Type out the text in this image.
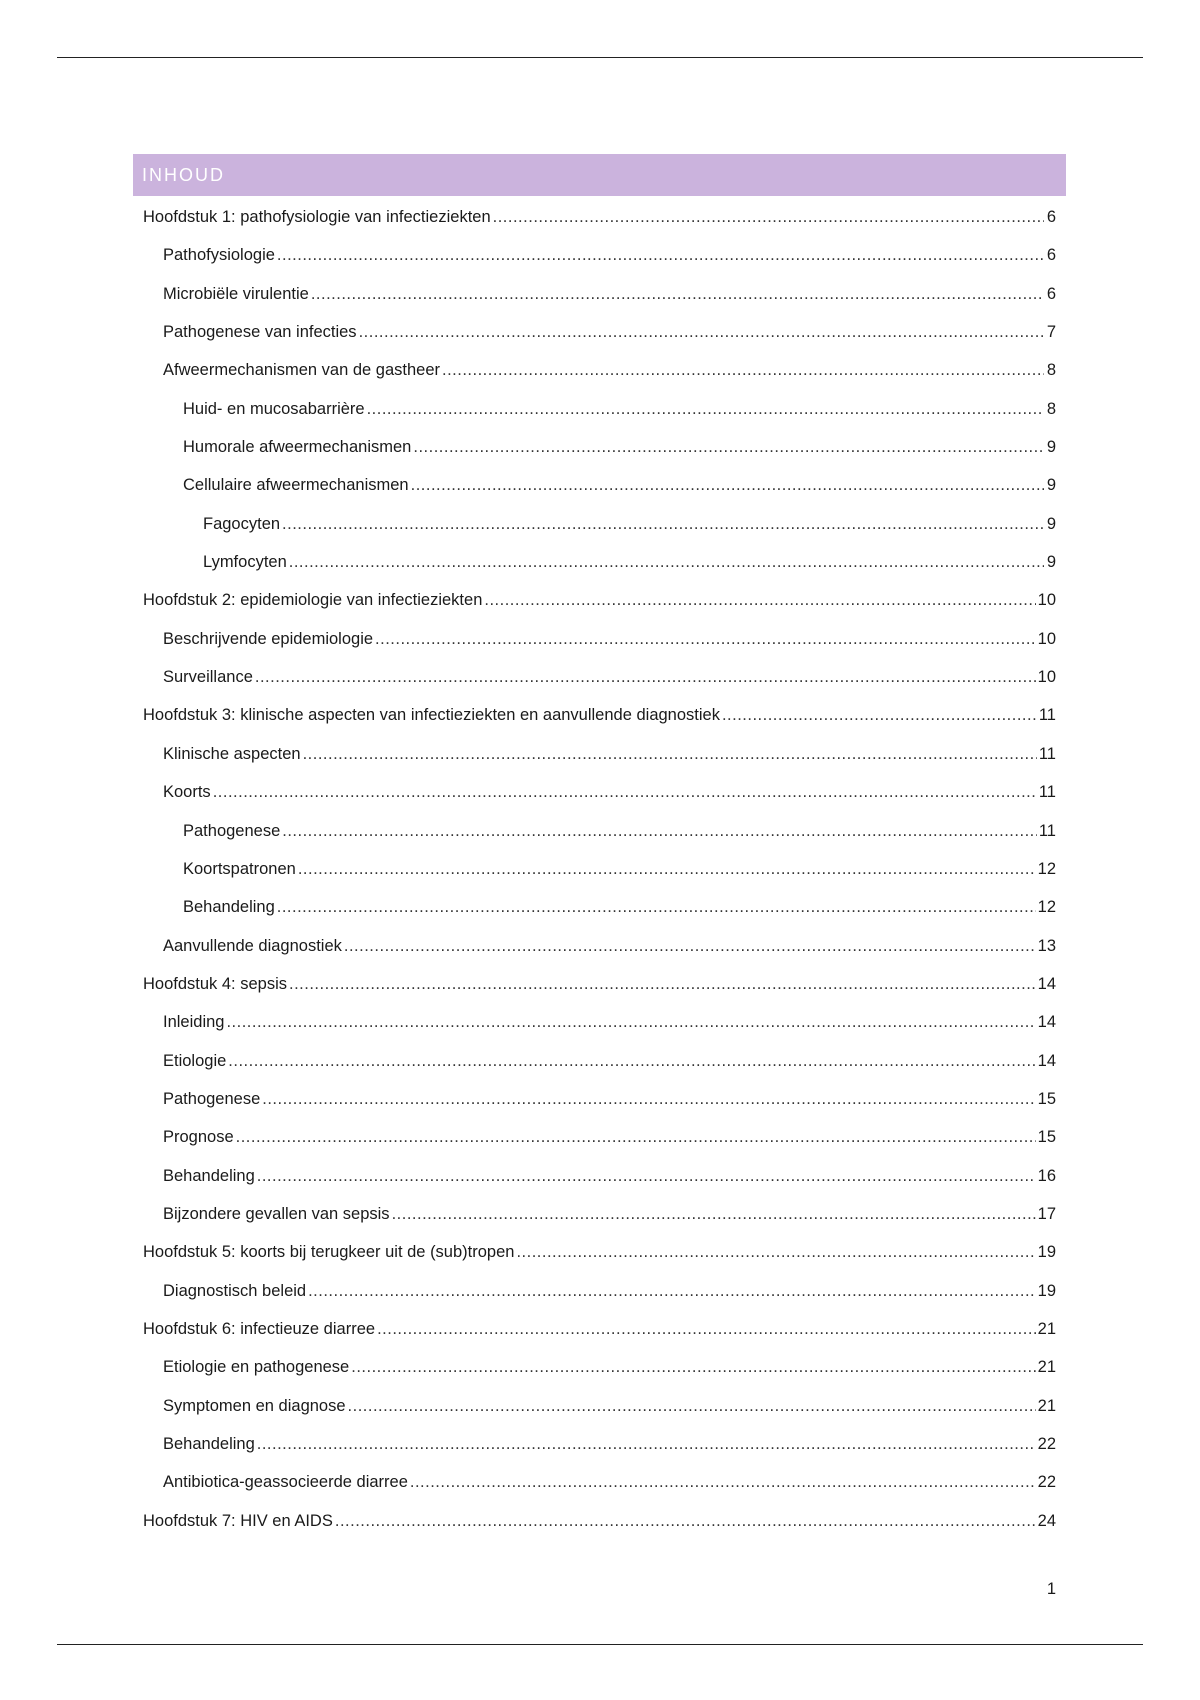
INHOUD
Hoofdstuk 1: pathofysiologie van infectieziekten .....	6
Pathofysiologie .....	6
Microbiële virulentie .....	6
Pathogenese van infecties .....	7
Afweermechanismen van de gastheer .....	8
Huid- en mucosabarrière .....	8
Humorale afweermechanismen .....	9
Cellulaire afweermechanismen .....	9
Fagocyten .....	9
Lymfocyten .....	9
Hoofdstuk 2: epidemiologie van infectieziekten .....	10
Beschrijvende epidemiologie .....	10
Surveillance .....	10
Hoofdstuk 3: klinische aspecten van infectieziekten en aanvullende diagnostiek .....	11
Klinische aspecten .....	11
Koorts .....	11
Pathogenese .....	11
Koortspatronen .....	12
Behandeling .....	12
Aanvullende diagnostiek .....	13
Hoofdstuk 4: sepsis .....	14
Inleiding .....	14
Etiologie .....	14
Pathogenese .....	15
Prognose .....	15
Behandeling .....	16
Bijzondere gevallen van sepsis .....	17
Hoofdstuk 5: koorts bij terugkeer uit de (sub)tropen .....	19
Diagnostisch beleid .....	19
Hoofdstuk 6: infectieuze diarree .....	21
Etiologie en pathogenese .....	21
Symptomen en diagnose .....	21
Behandeling .....	22
Antibiotica-geassocieerde diarree .....	22
Hoofdstuk 7: HIV en AIDS .....	24
1
